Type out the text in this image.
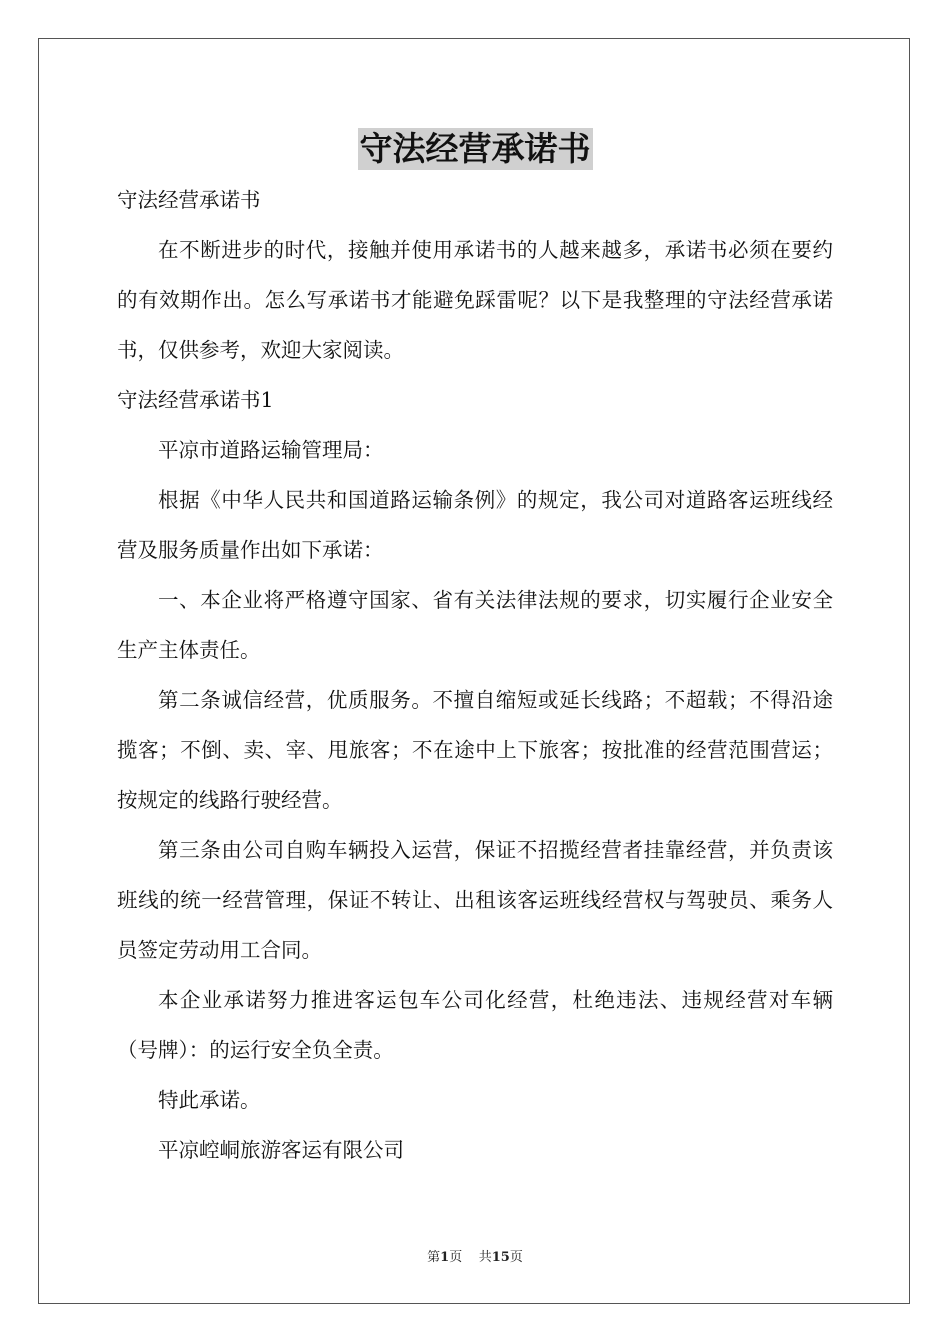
守法经营承诺书

守法经营承诺书

在不断进步的时代，接触并使用承诺书的人越来越多，承诺书必须在要约的有效期作出。怎么写承诺书才能避免踩雷呢？以下是我整理的守法经营承诺书，仅供参考，欢迎大家阅读。

守法经营承诺书1

平凉市道路运输管理局：

根据《中华人民共和国道路运输条例》的规定，我公司对道路客运班线经营及服务质量作出如下承诺：

一、本企业将严格遵守国家、省有关法律法规的要求，切实履行企业安全生产主体责任。

第二条诚信经营，优质服务。不擅自缩短或延长线路；不超载；不得沿途揽客；不倒、卖、宰、甩旅客；不在途中上下旅客；按批准的经营范围营运；按规定的线路行驶经营。

第三条由公司自购车辆投入运营，保证不招揽经营者挂靠经营，并负责该班线的统一经营管理，保证不转让、出租该客运班线经营权与驾驶员、乘务人员签定劳动用工合同。

本企业承诺努力推进客运包车公司化经营，杜绝违法、违规经营对车辆（号牌）：的运行安全负全责。

特此承诺。

平凉崆峒旅游客运有限公司

第1页 共15页
